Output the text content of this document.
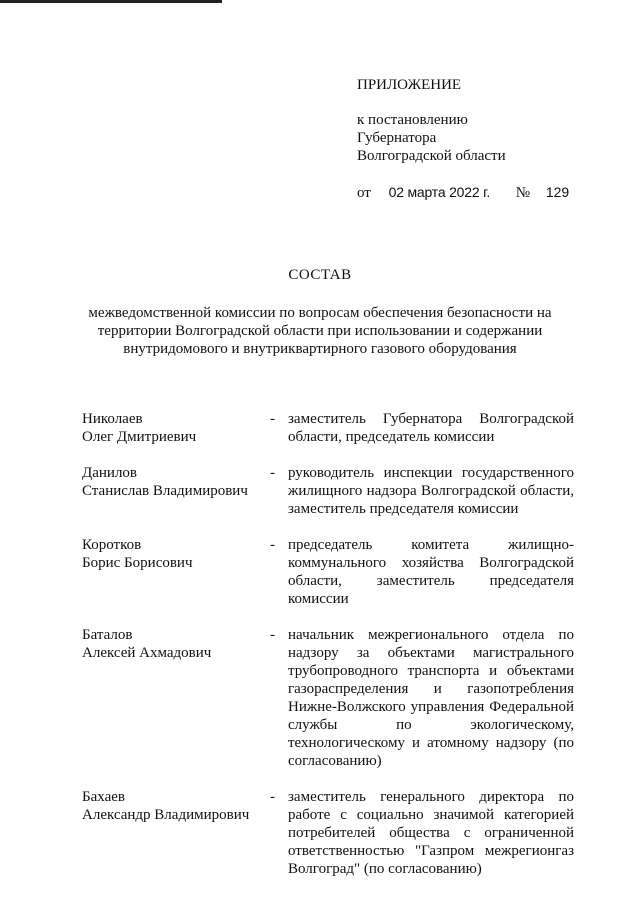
ПРИЛОЖЕНИЕ
к постановлению
Губернатора
Волгоградской области
от 02 марта 2022 г. № 129
СОСТАВ
межведомственной комиссии по вопросам обеспечения безопасности на территории Волгоградской области при использовании и содержании внутридомового и внутриквартирного газового оборудования
Николаев
Олег Дмитриевич
- заместитель Губернатора Волгоградской области, председатель комиссии
Данилов
Станислав Владимирович
- руководитель инспекции государственного жилищного надзора Волгоградской области, заместитель председателя комиссии
Коротков
Борис Борисович
- председатель комитета жилищно-коммунального хозяйства Волгоградской области, заместитель председателя комиссии
Баталов
Алексей Ахмадович
- начальник межрегионального отдела по надзору за объектами магистрального трубопроводного транспорта и объектами газораспределения и газопотребления Нижне-Волжского управления Федеральной службы по экологическому, технологическому и атомному надзору (по согласованию)
Бахаев
Александр Владимирович
- заместитель генерального директора по работе с социально значимой категорией потребителей общества с ограниченной ответственностью "Газпром межрегионгаз Волгоград" (по согласованию)
